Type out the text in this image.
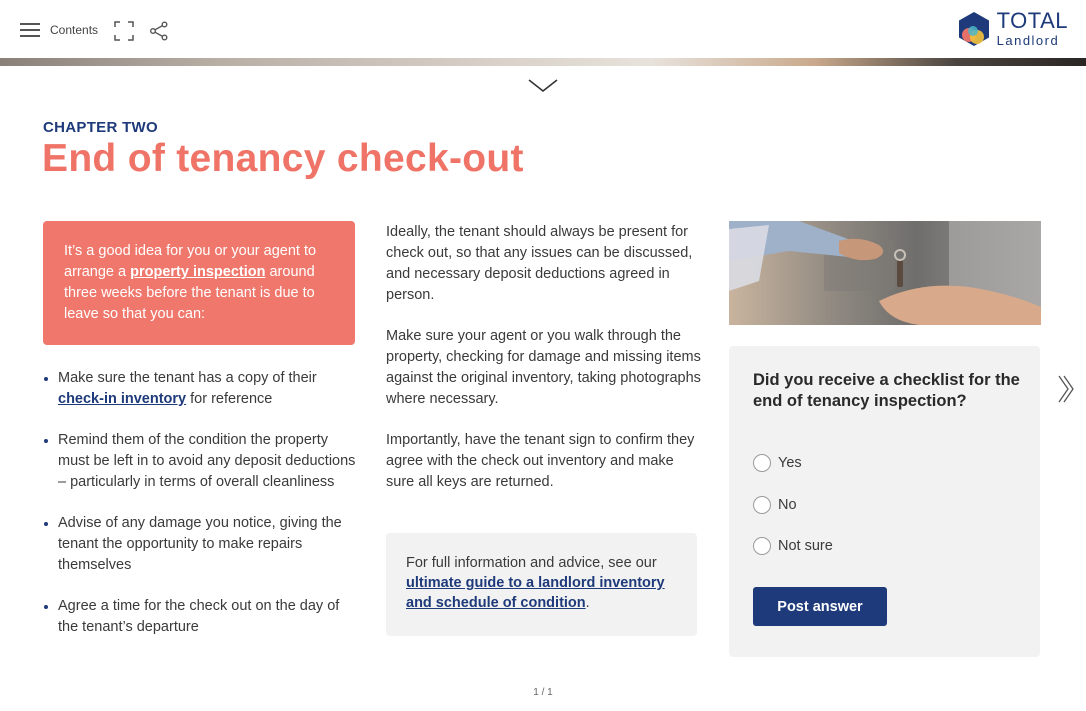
Contents	TOTAL
Landlord
CHAPTER TWO
End of tenancy check-out
It’s a good idea for you or your agent to arrange a property inspection around three weeks before the tenant is due to leave so that you can:
Make sure the tenant has a copy of their check-in inventory for reference
Remind them of the condition the property must be left in to avoid any deposit deductions – particularly in terms of overall cleanliness
Advise of any damage you notice, giving the tenant the opportunity to make repairs themselves
Agree a time for the check out on the day of the tenant’s departure

Ideally, the tenant should always be present for check out, so that any issues can be discussed, and necessary deposit deductions agreed in person.

Make sure your agent or you walk through the property, checking for damage and missing items against the original inventory, taking photographs where necessary.

Importantly, have the tenant sign to confirm they agree with the check out inventory and make sure all keys are returned.

For full information and advice, see our ultimate guide to a landlord inventory and schedule of condition.
Did you receive a checklist for the end of tenancy inspection?
Yes
No
Not sure
Post answer
1 / 1
